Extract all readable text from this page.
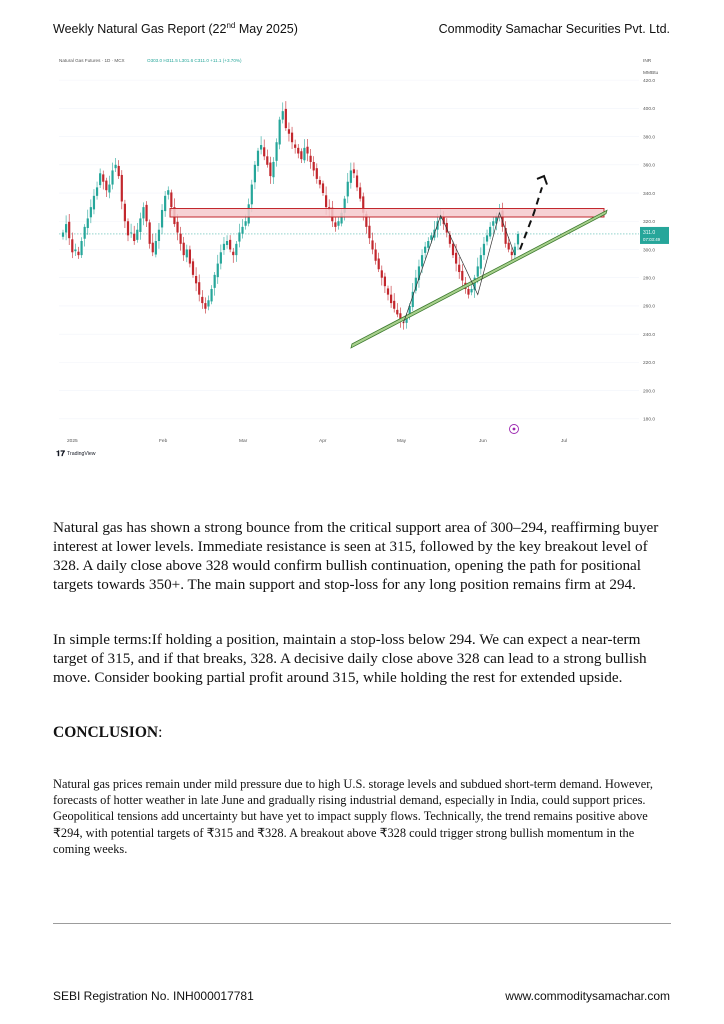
Weekly Natural Gas Report (22nd May 2025)	Commodity Samachar Securities Pvt. Ltd.
180.0
200.0
220.0
240.0
260.0
280.0
300.0
320.0
340.0
360.0
380.0
400.0
420.0
2025	Feb	Mar	Apr	May	Jun	Jul
Natural Gas Futures · 1D · MCX	O303.0 H311.5 L301.6 C311.0 +11.1 (+3.70%)	INR
MMBtu
311.0
07:03:49
𝟏𝟕 TradingView

Natural gas has shown a strong bounce from the critical support area of 300–294, reaffirming buyer interest at lower levels. Immediate resistance is seen at 315, followed by the key breakout level of 328. A daily close above 328 would confirm bullish continuation, opening the path for positional targets towards 350+. The main support and stop-loss for any long position remains firm at 294.

In simple terms:If holding a position, maintain a stop-loss below 294. We can expect a near-term target of 315, and if that breaks, 328. A decisive daily close above 328 can lead to a strong bullish move. Consider booking partial profit around 315, while holding the rest for extended upside.

CONCLUSION:

Natural gas prices remain under mild pressure due to high U.S. storage levels and subdued short-term demand. However, forecasts of hotter weather in late June and gradually rising industrial demand, especially in India, could support prices. Geopolitical tensions add uncertainty but have yet to impact supply flows. Technically, the trend remains positive above ₹294, with potential targets of ₹315 and ₹328. A breakout above ₹328 could trigger strong bullish momentum in the coming weeks.

SEBI Registration No. INH000017781	www.commoditysamachar.com
